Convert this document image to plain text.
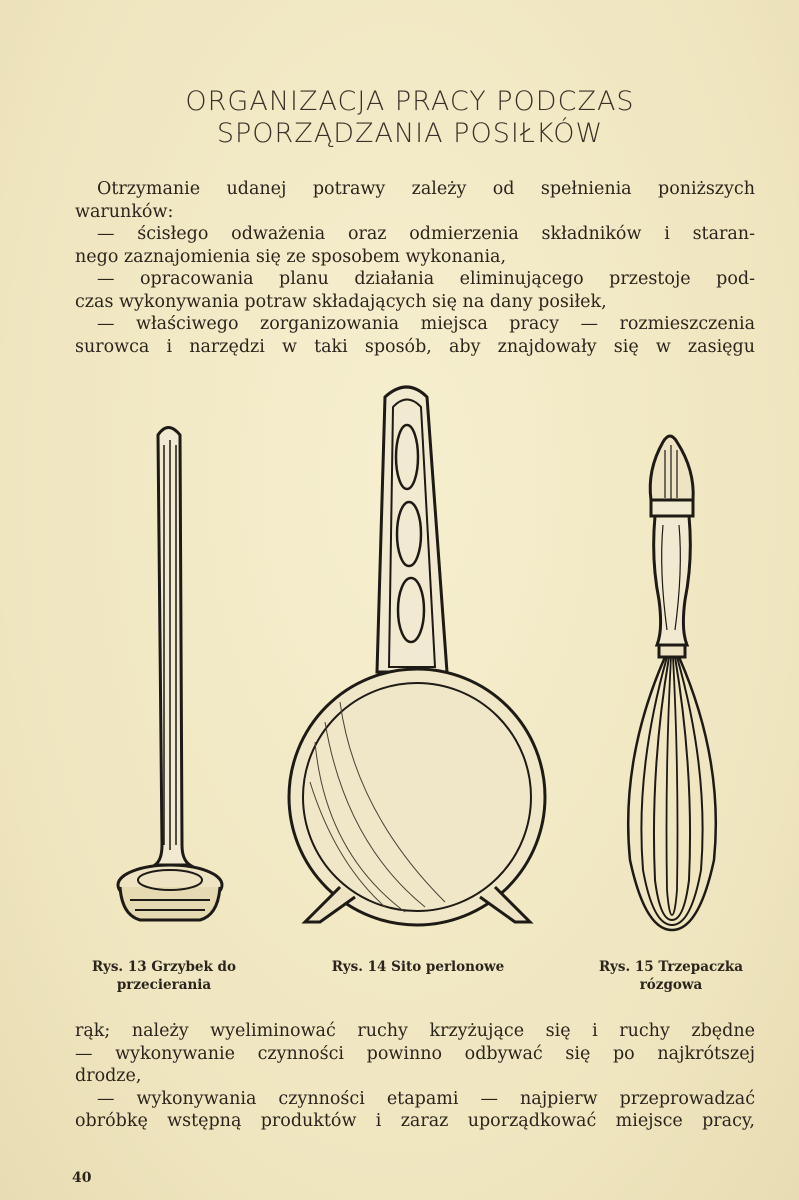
ORGANIZACJA PRACY PODCZAS
SPORZĄDZANIA POSIŁKÓW

Otrzymanie udanej potrawy zależy od spełnienia poniższych

warunków:

— ścisłego odważenia oraz odmierzenia składników i staran-

nego zaznajomienia się ze sposobem wykonania,

— opracowania planu działania eliminującego przestoje pod-

czas wykonywania potraw składających się na dany posiłek,

— właściwego zorganizowania miejsca pracy — rozmieszczenia

surowca i narzędzi w taki sposób, aby znajdowały się w zasięgu

Rys. 13 Grzybek do
przecierania
Rys. 14 Sito perlonowe	Rys. 15 Trzepaczka
rózgowa

rąk; należy wyeliminować ruchy krzyżujące się i ruchy zbędne

— wykonywanie czynności powinno odbywać się po najkrótszej

drodze,

— wykonywania czynności etapami — najpierw przeprowadzać

obróbkę wstępną produktów i zaraz uporządkować miejsce pracy,

40
